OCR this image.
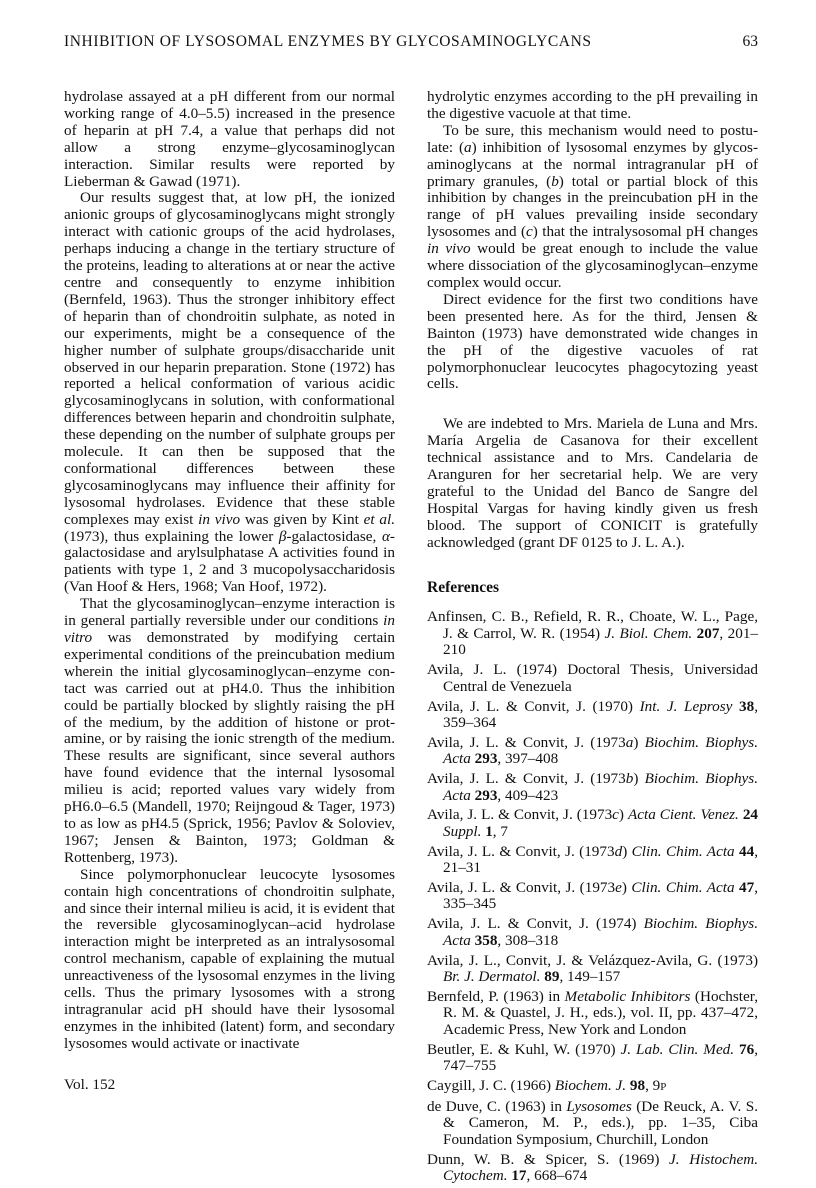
INHIBITION OF LYSOSOMAL ENZYMES BY GLYCOSAMINOGLYCANS	63

hydrolase assayed at a pH different from our normal working range of 4.0–5.5) increased in the presence of heparin at pH 7.4, a value that perhaps did not allow a strong enzyme–glycosaminoglycan interaction. Similar results were reported by Lieberman & Gawad (1971).

Our results suggest that, at low pH, the ionized anionic groups of glycosaminoglycans might strongly interact with cationic groups of the acid hydrolases, perhaps inducing a change in the tertiary structure of the proteins, leading to alterations at or near the active centre and consequently to enzyme inhibition (Bernfeld, 1963). Thus the stronger inhibitory effect of heparin than of chondroitin sulphate, as noted in our experiments, might be a consequence of the higher number of sulphate groups/disaccharide unit observed in our heparin preparation. Stone (1972) has reported a helical conformation of various acidic glycosaminoglycans in solution, with conformational differences between heparin and chondroitin sulphate, these depending on the number of sulphate groups per molecule. It can then be supposed that the conformational differences between these glycosaminoglycans may influence their affinity for lysosomal hydrolases. Evidence that these stable complexes may exist in vivo was given by Kint et al. (1973), thus explaining the lower β-galactosidase, α-galactosidase and arylsulphatase A activities found in patients with type 1, 2 and 3 mucopolysaccharidosis (Van Hoof & Hers, 1968; Van Hoof, 1972).

That the glycosaminoglycan–enzyme interaction is in general partially reversible under our conditions in vitro was demonstrated by modifying certain experimental conditions of the preincubation medium wherein the initial glycosaminoglycan–enzyme contact was carried out at pH4.0. Thus the inhibition could be partially blocked by slightly raising the pH of the medium, by the addition of histone or protamine, or by raising the ionic strength of the medium. These results are significant, since several authors have found evidence that the internal lysosomal milieu is acid; reported values vary widely from pH6.0–6.5 (Mandell, 1970; Reijngoud & Tager, 1973) to as low as pH4.5 (Sprick, 1956; Pavlov & Soloviev, 1967; Jensen & Bainton, 1973; Goldman & Rottenberg, 1973).

Since polymorphonuclear leucocyte lysosomes contain high concentrations of chondroitin sulphate, and since their internal milieu is acid, it is evident that the reversible glycosaminoglycan–acid hydrolase interaction might be interpreted as an intralysosomal control mechanism, capable of explaining the mutual unreactiveness of the lysosomal enzymes in the living cells. Thus the primary lysosomes with a strong intragranular acid pH should have their lysosomal enzymes in the inhibited (latent) form, and secondary lysosomes would activate or inactivate

Vol. 152

hydrolytic enzymes according to the pH prevailing in the digestive vacuole at that time.

To be sure, this mechanism would need to postulate: (a) inhibition of lysosomal enzymes by glycosaminoglycans at the normal intragranular pH of primary granules, (b) total or partial block of this inhibition by changes in the preincubation pH in the range of pH values prevailing inside secondary lysosomes and (c) that the intralysosomal pH changes in vivo would be great enough to include the value where dissociation of the glycosaminoglycan–enzyme complex would occur.

Direct evidence for the first two conditions have been presented here. As for the third, Jensen & Bainton (1973) have demonstrated wide changes in the pH of the digestive vacuoles of rat polymorphonuclear leucocytes phagocytozing yeast cells.

We are indebted to Mrs. Mariela de Luna and Mrs. María Argelia de Casanova for their excellent technical assistance and to Mrs. Candelaria de Aranguren for her secretarial help. We are very grateful to the Unidad del Banco de Sangre del Hospital Vargas for having kindly given us fresh blood. The support of CONICIT is gratefully acknowledged (grant DF 0125 to J. L. A.).

References

Anfinsen, C. B., Refield, R. R., Choate, W. L., Page, J. & Carrol, W. R. (1954) J. Biol. Chem. 207, 201–210

Avila, J. L. (1974) Doctoral Thesis, Universidad Central de Venezuela

Avila, J. L. & Convit, J. (1970) Int. J. Leprosy 38, 359–364

Avila, J. L. & Convit, J. (1973a) Biochim. Biophys. Acta 293, 397–408

Avila, J. L. & Convit, J. (1973b) Biochim. Biophys. Acta 293, 409–423

Avila, J. L. & Convit, J. (1973c) Acta Cient. Venez. 24 Suppl. 1, 7

Avila, J. L. & Convit, J. (1973d) Clin. Chim. Acta 44, 21–31

Avila, J. L. & Convit, J. (1973e) Clin. Chim. Acta 47, 335–345

Avila, J. L. & Convit, J. (1974) Biochim. Biophys. Acta 358, 308–318

Avila, J. L., Convit, J. & Velázquez-Avila, G. (1973) Br. J. Dermatol. 89, 149–157

Bernfeld, P. (1963) in Metabolic Inhibitors (Hochster, R. M. & Quastel, J. H., eds.), vol. II, pp. 437–472, Academic Press, New York and London

Beutler, E. & Kuhl, W. (1970) J. Lab. Clin. Med. 76, 747–755

Caygill, J. C. (1966) Biochem. J. 98, 9P

de Duve, C. (1963) in Lysosomes (De Reuck, A. V. S. & Cameron, M. P., eds.), pp. 1–35, Ciba Foundation Symposium, Churchill, London

Dunn, W. B. & Spicer, S. (1969) J. Histochem. Cytochem. 17, 668–674
